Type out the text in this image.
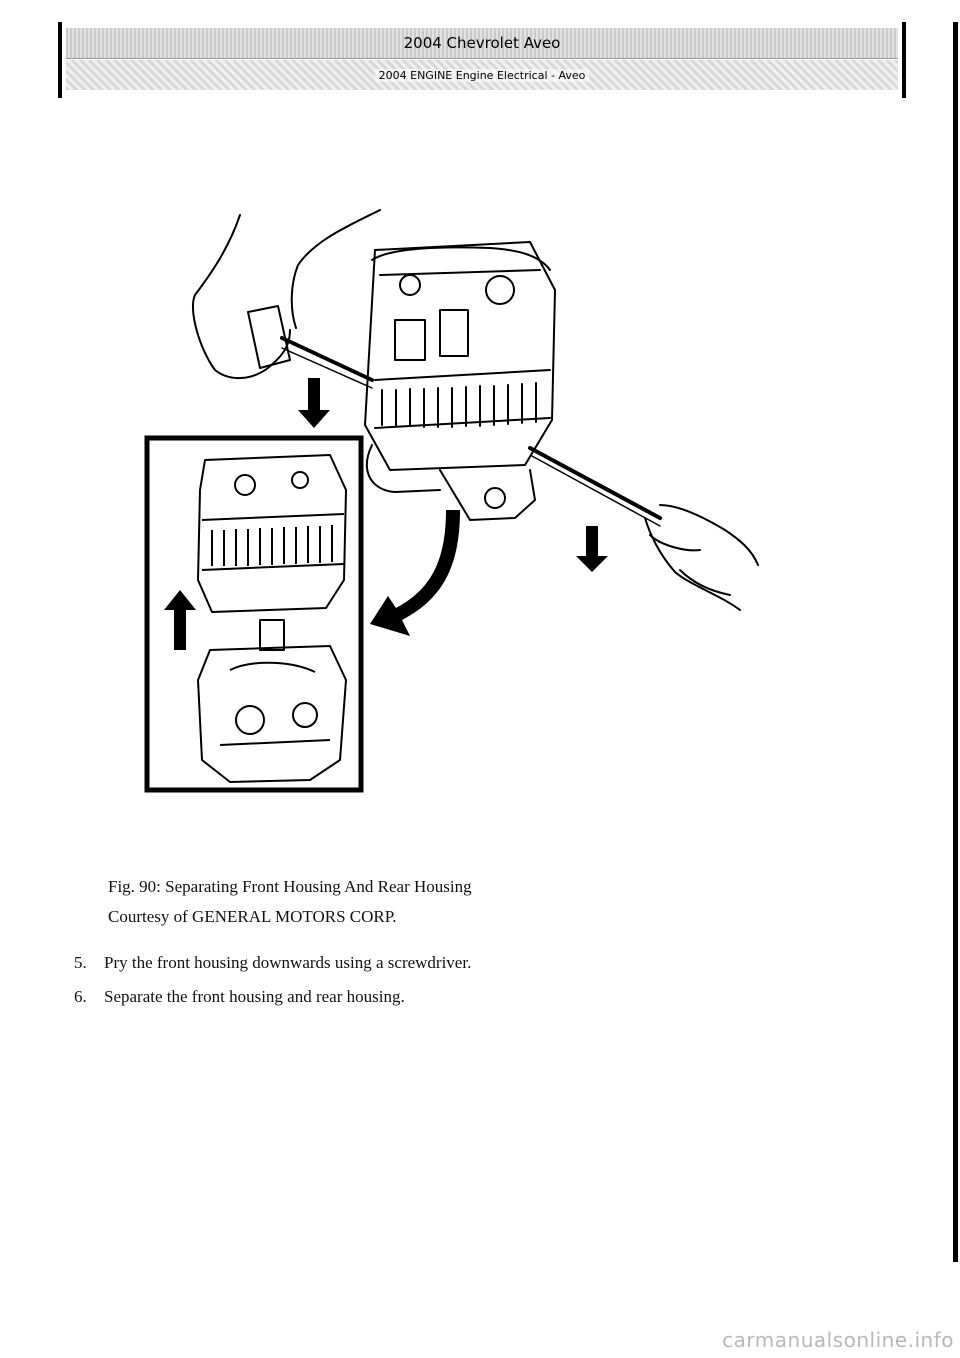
2004 Chevrolet Aveo
2004 ENGINE Engine Electrical - Aveo
Fig. 90: Separating Front Housing And Rear Housing
Courtesy of GENERAL MOTORS CORP.
5.	Pry the front housing downwards using a screwdriver.
6.	Separate the front housing and rear housing.
carmanualsonline.info
